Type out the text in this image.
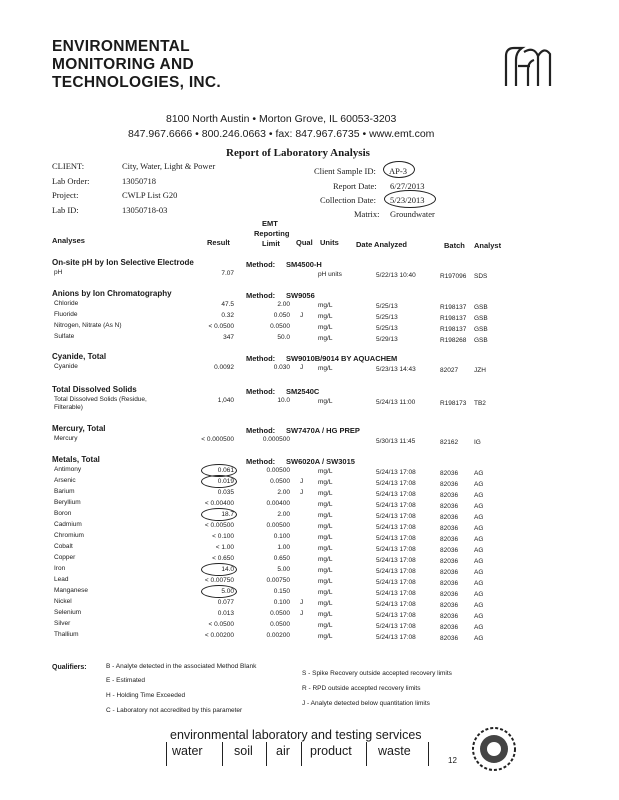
ENVIRONMENTAL
MONITORING AND
TECHNOLOGIES, INC.
8100 North Austin • Morton Grove, IL 60053-3203
847.967.6666 • 800.246.0663 • fax: 847.967.6735 • www.emt.com
Report of Laboratory Analysis
CLIENT:	City, Water, Light & Power
Lab Order:	13050718
Project:	CWLP List G20
Lab ID:	13050718-03
Client Sample ID: AP-3
Report Date: 6/27/2013
Collection Date: 5/23/2013
Matrix: Groundwater
Analyses	Result
EMT
Reporting
Limit Qual Units Date Analyzed	Batch Analyst
On-site pH by Ion Selective Electrode	Method: SM4500-H
pH	7.07	pH units	5/22/13 10:40	R197096 SDS
Anions by Ion Chromatography	Method: SW9056
Chloride	47.5	2.00	mg/L	5/25/13	R198137 GSB
Fluoride	0.32	0.050 J mg/L	5/25/13	R198137 GSB
Nitrogen, Nitrate (As N)	< 0.0500	0.0500	mg/L	5/25/13	R198137 GSB
Sulfate	347	50.0	mg/L	5/29/13	R198268 GSB
Cyanide, Total	Method: SW9010B/9014 BY AQUACHEM
Cyanide	0.0092	0.030 J mg/L	5/23/13 14:43	82027 JZH
Total Dissolved Solids	Method: SM2540C
Total Dissolved Solids (Residue, Filterable)
1,040	10.0	mg/L	5/24/13 11:00	R198173 TB2
Mercury, Total	Method: SW7470A / HG PREP
Mercury	< 0.000500	0.000500	5/30/13 11:45	82162 IG
Metals, Total	Method: SW6020A / SW3015
Antimony	0.061	0.00500	mg/L	5/24/13 17:08	82036 AG
Arsenic	0.019	0.0500 J mg/L	5/24/13 17:08	82036 AG
Barium	0.035	2.00 J mg/L	5/24/13 17:08	82036 AG
Beryllium	< 0.00400	0.00400	mg/L	5/24/13 17:08	82036 AG
Boron	18.7	2.00	mg/L	5/24/13 17:08	82036 AG
Cadmium	< 0.00500	0.00500	mg/L	5/24/13 17:08	82036 AG
Chromium	< 0.100	0.100	mg/L	5/24/13 17:08	82036 AG
Cobalt	< 1.00	1.00	mg/L	5/24/13 17:08	82036 AG
Copper	< 0.650	0.650	mg/L	5/24/13 17:08	82036 AG
Iron	14.0	5.00	mg/L	5/24/13 17:08	82036 AG
Lead	< 0.00750	0.00750	mg/L	5/24/13 17:08	82036 AG
Manganese	5.00	0.150	mg/L	5/24/13 17:08	82036 AG
Nickel	0.077	0.100 J mg/L	5/24/13 17:08	82036 AG
Selenium	0.013	0.0500 J mg/L	5/24/13 17:08	82036 AG
Silver	< 0.0500	0.0500	mg/L	5/24/13 17:08	82036 AG
Thallium	< 0.00200	0.00200	mg/L	5/24/13 17:08	82036 AG
Qualifiers:	B - Analyte detected in the associated Method Blank
E - Estimated
H - Holding Time Exceeded
C - Laboratory not accredited by this parameter
S - Spike Recovery outside accepted recovery limits
R - RPD outside accepted recovery limits
J - Analyte detected below quantitation limits
environmental laboratory and testing services
water	soil air product waste
12
